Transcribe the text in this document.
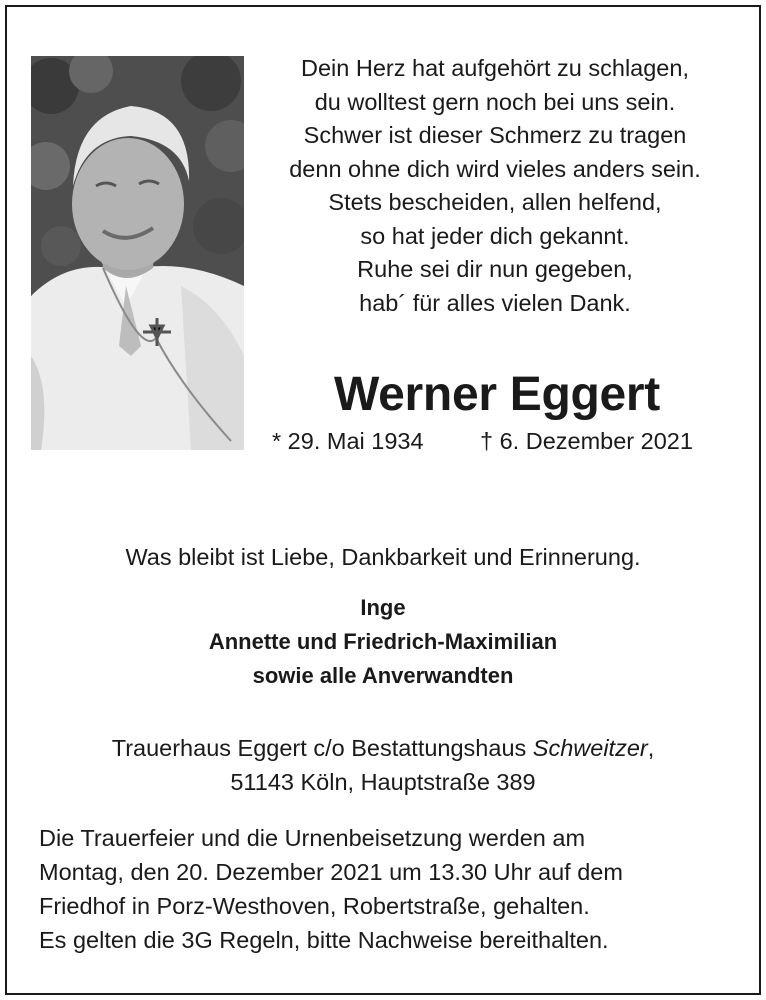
Dein Herz hat aufgehört zu schlagen,
du wolltest gern noch bei uns sein.
Schwer ist dieser Schmerz zu tragen
denn ohne dich wird vieles anders sein.
Stets bescheiden, allen helfend,
so hat jeder dich gekannt.
Ruhe sei dir nun gegeben,
hab´ für alles vielen Dank.
Werner Eggert
* 29. Mai 1934 † 6. Dezember 2021
Was bleibt ist Liebe, Dankbarkeit und Erinnerung.
Inge
Annette und Friedrich-Maximilian
sowie alle Anverwandten
Trauerhaus Eggert c/o Bestattungshaus Schweitzer,
51143 Köln, Hauptstraße 389
Die Trauerfeier und die Urnenbeisetzung werden am
Montag, den 20. Dezember 2021 um 13.30 Uhr auf dem
Friedhof in Porz-Westhoven, Robertstraße, gehalten.
Es gelten die 3G Regeln, bitte Nachweise bereithalten.
